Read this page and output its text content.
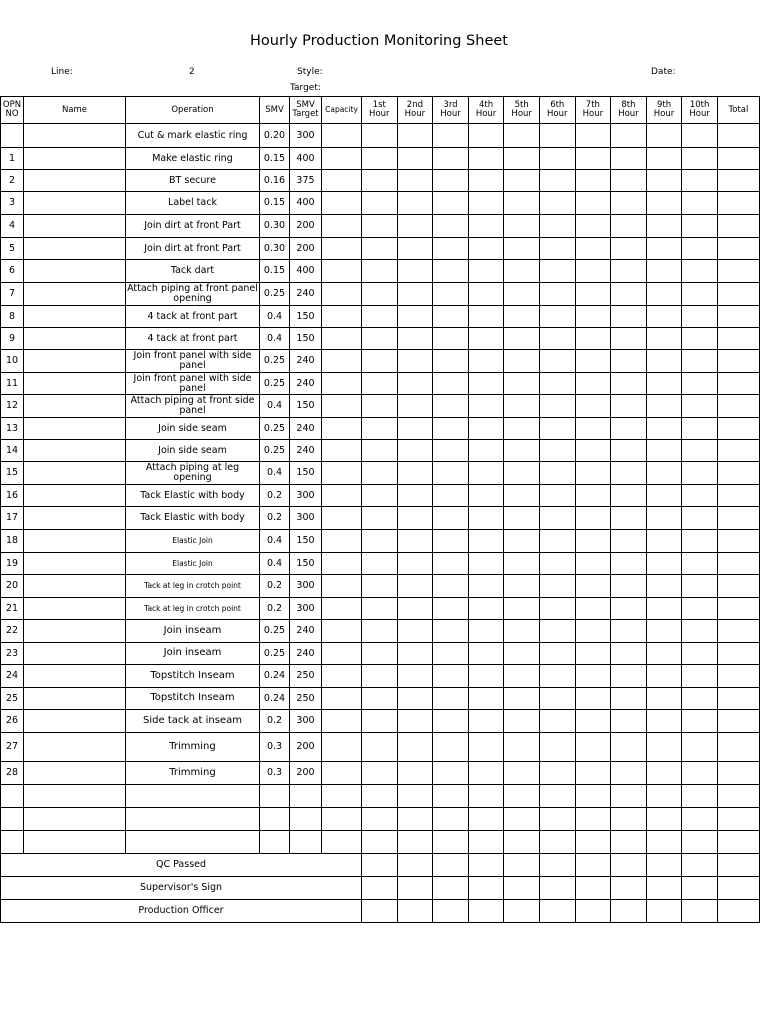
Hourly Production Monitoring Sheet
Line:	2	Style:
Target:
Date:
OPN NO	Name	Operation	SMV	SMV Target	Capacity	1st Hour	2nd Hour	3rd Hour	4th Hour	5th Hour	6th Hour	7th Hour	8th Hour	9th Hour	10th Hour	Total
		Cut & mark elastic ring	0.20	300												
1		Make elastic ring	0.15	400												
2		BT secure	0.16	375												
3		Label tack	0.15	400												
4		Join dirt at front Part	0.30	200												
5		Join dirt at front Part	0.30	200												
6		Tack dart	0.15	400												
7		Attach piping at front panel opening	0.25	240												
8		4 tack at front part	0.4	150												
9		4 tack at front part	0.4	150												
10		Join front panel with side panel	0.25	240												
11		Join front panel with side panel	0.25	240												
12		Attach piping at front side panel	0.4	150												
13		Join side seam	0.25	240												
14		Join side seam	0.25	240												
15		Attach piping at leg opening	0.4	150												
16		Tack Elastic with body	0.2	300												
17		Tack Elastic with body	0.2	300												
18		Elastic Join	0.4	150												
19		Elastic Join	0.4	150												
20		Tack at leg in crotch point	0.2	300												
21		Tack at leg in crotch point	0.2	300												
22		Join inseam	0.25	240												
23		Join inseam	0.25	240												
24		Topstitch Inseam	0.24	250												
25		Topstitch Inseam	0.24	250												
26		Side tack at inseam	0.2	300												
27		Trimming	0.3	200												
28		Trimming	0.3	200												

QC Passed																
Supervisor's Sign																
Production Officer																
